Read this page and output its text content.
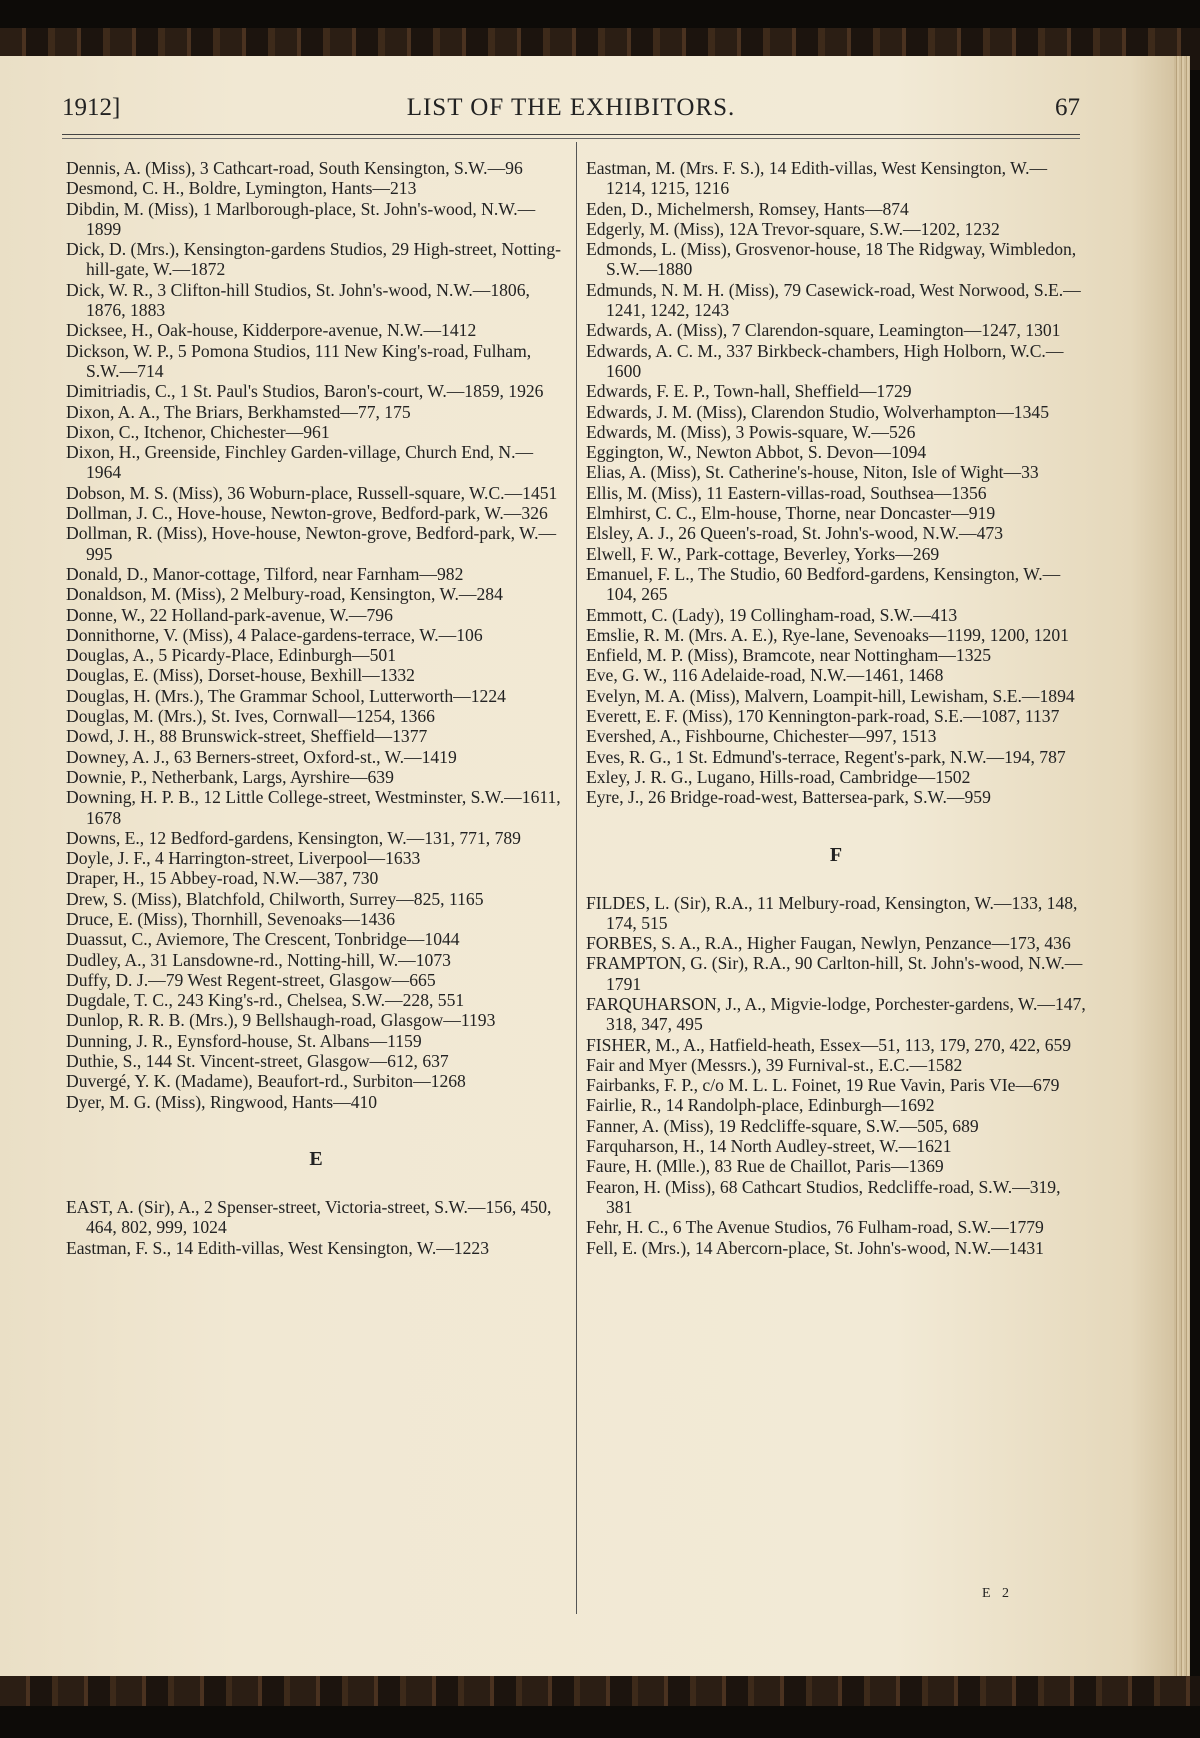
1912]	LIST OF THE EXHIBITORS.	67

Dennis, A. (Miss), 3 Cathcart-road, South Kensington, S.W.—96

Desmond, C. H., Boldre, Lymington, Hants—213

Dibdin, M. (Miss), 1 Marlborough-place, St. John's-wood, N.W.—1899

Dick, D. (Mrs.), Kensington-gardens Studios, 29 High-street, Notting-hill-gate, W.—1872

Dick, W. R., 3 Clifton-hill Studios, St. John's-wood, N.W.—1806, 1876, 1883

Dicksee, H., Oak-house, Kidderpore-avenue, N.W.—1412

Dickson, W. P., 5 Pomona Studios, 111 New King's-road, Fulham, S.W.—714

Dimitriadis, C., 1 St. Paul's Studios, Baron's-court, W.—1859, 1926

Dixon, A. A., The Briars, Berkhamsted—77, 175

Dixon, C., Itchenor, Chichester—961

Dixon, H., Greenside, Finchley Garden-village, Church End, N.—1964

Dobson, M. S. (Miss), 36 Woburn-place, Russell-square, W.C.—1451

Dollman, J. C., Hove-house, Newton-grove, Bedford-park, W.—326

Dollman, R. (Miss), Hove-house, Newton-grove, Bedford-park, W.—995

Donald, D., Manor-cottage, Tilford, near Farnham—982

Donaldson, M. (Miss), 2 Melbury-road, Kensington, W.—284

Donne, W., 22 Holland-park-avenue, W.—796

Donnithorne, V. (Miss), 4 Palace-gardens-terrace, W.—106

Douglas, A., 5 Picardy-Place, Edinburgh—501

Douglas, E. (Miss), Dorset-house, Bexhill—1332

Douglas, H. (Mrs.), The Grammar School, Lutterworth—1224

Douglas, M. (Mrs.), St. Ives, Cornwall—1254, 1366

Dowd, J. H., 88 Brunswick-street, Sheffield—1377

Downey, A. J., 63 Berners-street, Oxford-st., W.—1419

Downie, P., Netherbank, Largs, Ayrshire—639

Downing, H. P. B., 12 Little College-street, Westminster, S.W.—1611, 1678

Downs, E., 12 Bedford-gardens, Kensington, W.—131, 771, 789

Doyle, J. F., 4 Harrington-street, Liverpool—1633

Draper, H., 15 Abbey-road, N.W.—387, 730

Drew, S. (Miss), Blatchfold, Chilworth, Surrey—825, 1165

Druce, E. (Miss), Thornhill, Sevenoaks—1436

Duassut, C., Aviemore, The Crescent, Tonbridge—1044

Dudley, A., 31 Lansdowne-rd., Notting-hill, W.—1073

Duffy, D. J.—79 West Regent-street, Glasgow—665

Dugdale, T. C., 243 King's-rd., Chelsea, S.W.—228, 551

Dunlop, R. R. B. (Mrs.), 9 Bellshaugh-road, Glasgow—1193

Dunning, J. R., Eynsford-house, St. Albans—1159

Duthie, S., 144 St. Vincent-street, Glasgow—612, 637

Duvergé, Y. K. (Madame), Beaufort-rd., Surbiton—1268

Dyer, M. G. (Miss), Ringwood, Hants—410

E

EAST, A. (Sir), A., 2 Spenser-street, Victoria-street, S.W.—156, 450, 464, 802, 999, 1024

Eastman, F. S., 14 Edith-villas, West Kensington, W.—1223

Eastman, M. (Mrs. F. S.), 14 Edith-villas, West Kensington, W.—1214, 1215, 1216

Eden, D., Michelmersh, Romsey, Hants—874

Edgerly, M. (Miss), 12A Trevor-square, S.W.—1202, 1232

Edmonds, L. (Miss), Grosvenor-house, 18 The Ridgway, Wimbledon, S.W.—1880

Edmunds, N. M. H. (Miss), 79 Casewick-road, West Norwood, S.E.—1241, 1242, 1243

Edwards, A. (Miss), 7 Clarendon-square, Leamington—1247, 1301

Edwards, A. C. M., 337 Birkbeck-chambers, High Holborn, W.C.—1600

Edwards, F. E. P., Town-hall, Sheffield—1729

Edwards, J. M. (Miss), Clarendon Studio, Wolverhampton—1345

Edwards, M. (Miss), 3 Powis-square, W.—526

Eggington, W., Newton Abbot, S. Devon—1094

Elias, A. (Miss), St. Catherine's-house, Niton, Isle of Wight—33

Ellis, M. (Miss), 11 Eastern-villas-road, Southsea—1356

Elmhirst, C. C., Elm-house, Thorne, near Doncaster—919

Elsley, A. J., 26 Queen's-road, St. John's-wood, N.W.—473

Elwell, F. W., Park-cottage, Beverley, Yorks—269

Emanuel, F. L., The Studio, 60 Bedford-gardens, Kensington, W.—104, 265

Emmott, C. (Lady), 19 Collingham-road, S.W.—413

Emslie, R. M. (Mrs. A. E.), Rye-lane, Sevenoaks—1199, 1200, 1201

Enfield, M. P. (Miss), Bramcote, near Nottingham—1325

Eve, G. W., 116 Adelaide-road, N.W.—1461, 1468

Evelyn, M. A. (Miss), Malvern, Loampit-hill, Lewisham, S.E.—1894

Everett, E. F. (Miss), 170 Kennington-park-road, S.E.—1087, 1137

Evershed, A., Fishbourne, Chichester—997, 1513

Eves, R. G., 1 St. Edmund's-terrace, Regent's-park, N.W.—194, 787

Exley, J. R. G., Lugano, Hills-road, Cambridge—1502

Eyre, J., 26 Bridge-road-west, Battersea-park, S.W.—959

F

FILDES, L. (Sir), R.A., 11 Melbury-road, Kensington, W.—133, 148, 174, 515

FORBES, S. A., R.A., Higher Faugan, Newlyn, Penzance—173, 436

FRAMPTON, G. (Sir), R.A., 90 Carlton-hill, St. John's-wood, N.W.—1791

FARQUHARSON, J., A., Migvie-lodge, Porchester-gardens, W.—147, 318, 347, 495

FISHER, M., A., Hatfield-heath, Essex—51, 113, 179, 270, 422, 659

Fair and Myer (Messrs.), 39 Furnival-st., E.C.—1582

Fairbanks, F. P., c/o M. L. L. Foinet, 19 Rue Vavin, Paris VIe—679

Fairlie, R., 14 Randolph-place, Edinburgh—1692

Fanner, A. (Miss), 19 Redcliffe-square, S.W.—505, 689

Farquharson, H., 14 North Audley-street, W.—1621

Faure, H. (Mlle.), 83 Rue de Chaillot, Paris—1369

Fearon, H. (Miss), 68 Cathcart Studios, Redcliffe-road, S.W.—319, 381

Fehr, H. C., 6 The Avenue Studios, 76 Fulham-road, S.W.—1779

Fell, E. (Mrs.), 14 Abercorn-place, St. John's-wood, N.W.—1431

E 2
